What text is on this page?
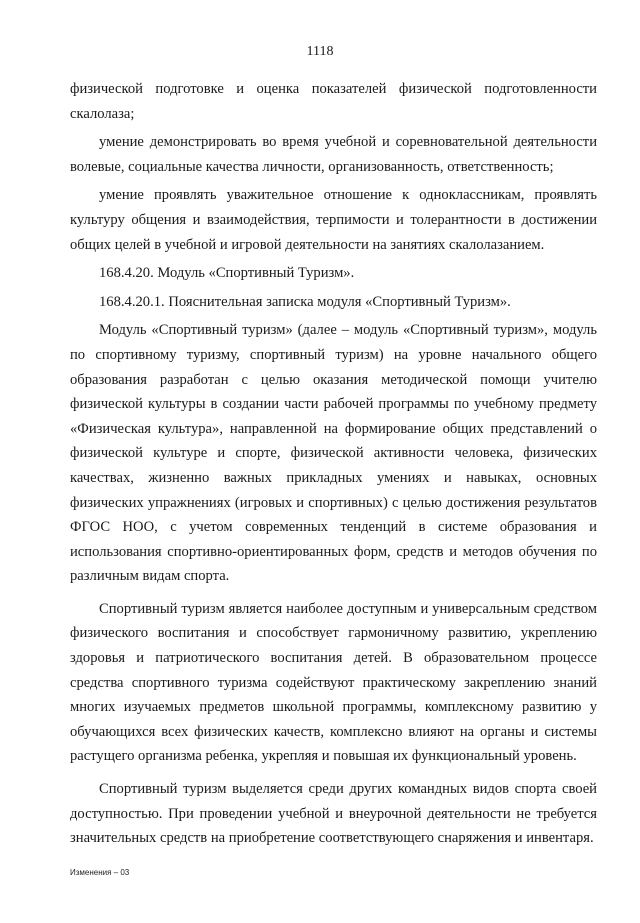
1118

физической подготовке и оценка показателей физической подготовленности скалолаза;

умение демонстрировать во время учебной и соревновательной деятельности волевые, социальные качества личности, организованность, ответственность;

умение проявлять уважительное отношение к одноклассникам, проявлять культуру общения и взаимодействия, терпимости и толерантности в достижении общих целей в учебной и игровой деятельности на занятиях скалолазанием.

168.4.20. Модуль «Спортивный Туризм».

168.4.20.1. Пояснительная записка модуля «Спортивный Туризм».

Модуль «Спортивный туризм» (далее – модуль «Спортивный туризм», модуль по спортивному туризму, спортивный туризм) на уровне начального общего образования разработан с целью оказания методической помощи учителю физической культуры в создании части рабочей программы по учебному предмету «Физическая культура», направленной на формирование общих представлений о физической культуре и спорте, физической активности человека, физических качествах, жизненно важных прикладных умениях и навыках, основных физических упражнениях (игровых и спортивных) с целью достижения результатов ФГОС НОО, с учетом современных тенденций в системе образования и использования спортивно-ориентированных форм, средств и методов обучения по различным видам спорта.

Спортивный туризм является наиболее доступным и универсальным средством физического воспитания и способствует гармоничному развитию, укреплению здоровья и патриотического воспитания детей. В образовательном процессе средства спортивного туризма содействуют практическому закреплению знаний многих изучаемых предметов школьной программы, комплексному развитию у обучающихся всех физических качеств, комплексно влияют на органы и системы растущего организма ребенка, укрепляя и повышая их функциональный уровень.

Спортивный туризм выделяется среди других командных видов спорта своей доступностью. При проведении учебной и внеурочной деятельности не требуется значительных средств на приобретение соответствующего снаряжения и инвентаря.

Изменения – 03
